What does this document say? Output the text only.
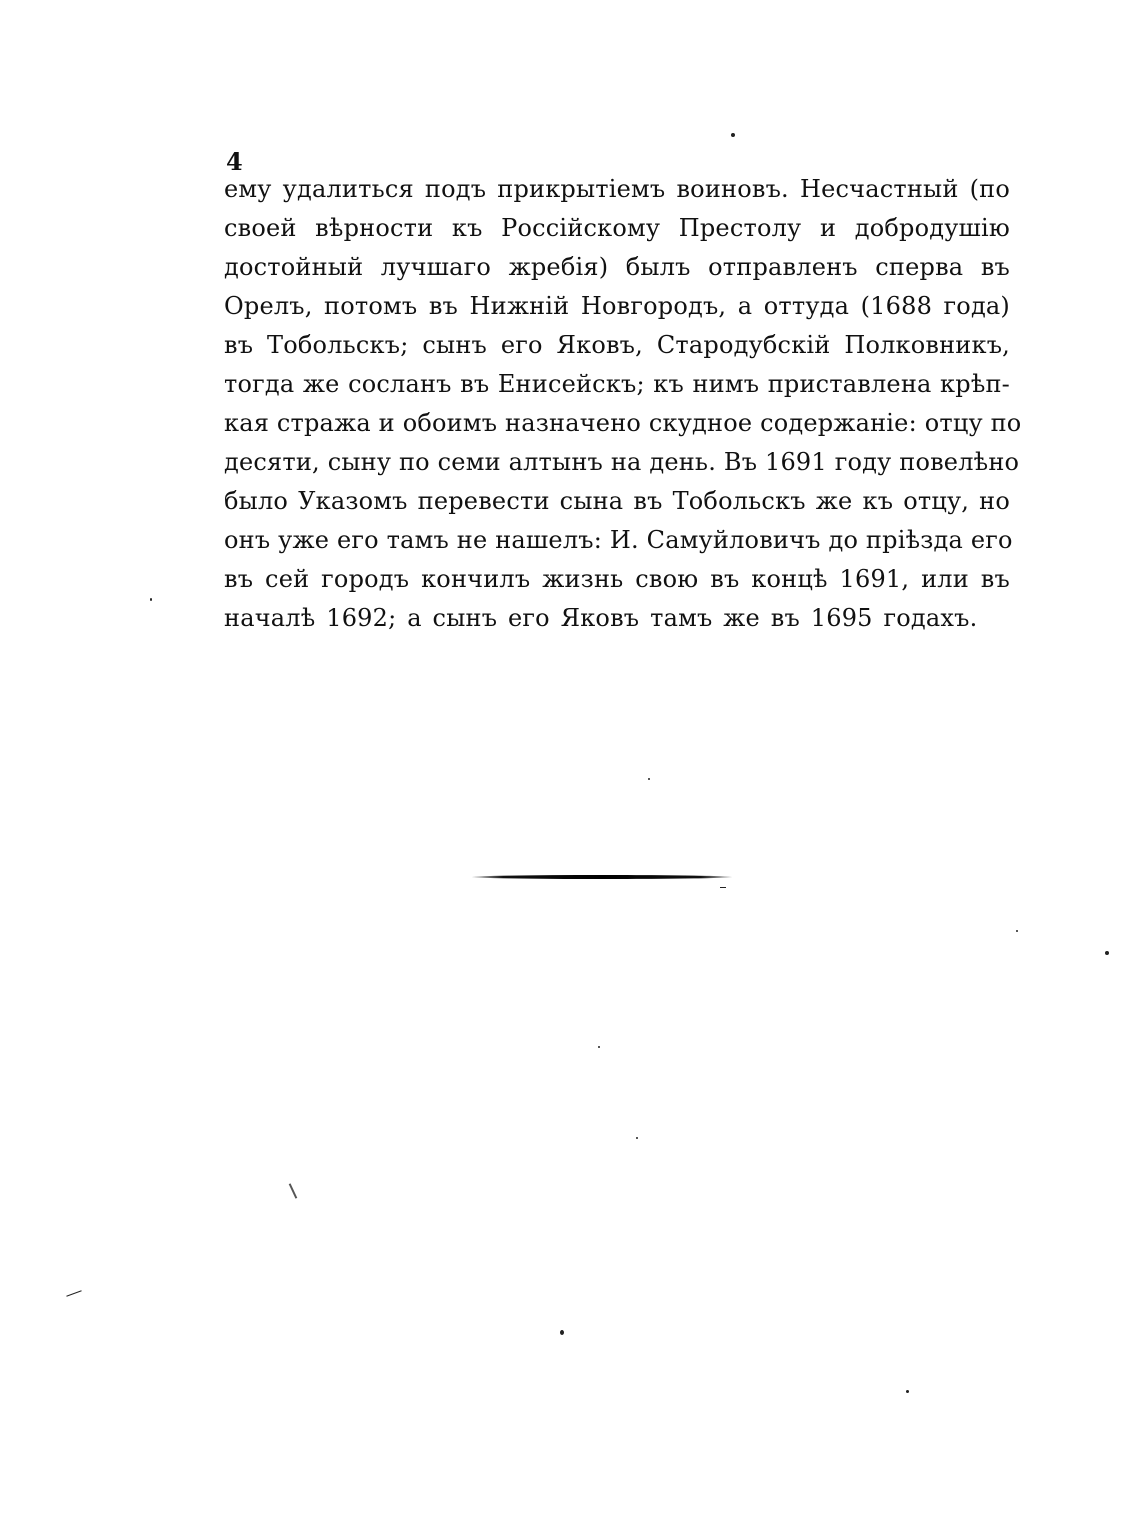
4
ему удалиться подъ прикрытіемъ воиновъ. Несчастный (по
своей вѣрности къ Россійскому Престолу и добродушію
достойный лучшаго жребія) былъ отправленъ сперва въ
Орелъ, потомъ въ Нижній Новгородъ, а оттуда (1688 года)
въ Тобольскъ; сынъ его Яковъ, Стародубскій Полковникъ,
тогда же сосланъ въ Енисейскъ; къ нимъ приставлена крѣп-
кая стража и обоимъ назначено скудное содержаніе: отцу по
десяти, сыну по семи алтынъ на день. Въ 1691 году повелѣно
было Указомъ перевести сына въ Тобольскъ же къ отцу, но
онъ уже его тамъ не нашелъ: И. Самуйловичъ до пріѣзда его
въ сей городъ кончилъ жизнь свою въ концѣ 1691, или въ
началѣ 1692; а сынъ его Яковъ тамъ же въ 1695 годахъ.
